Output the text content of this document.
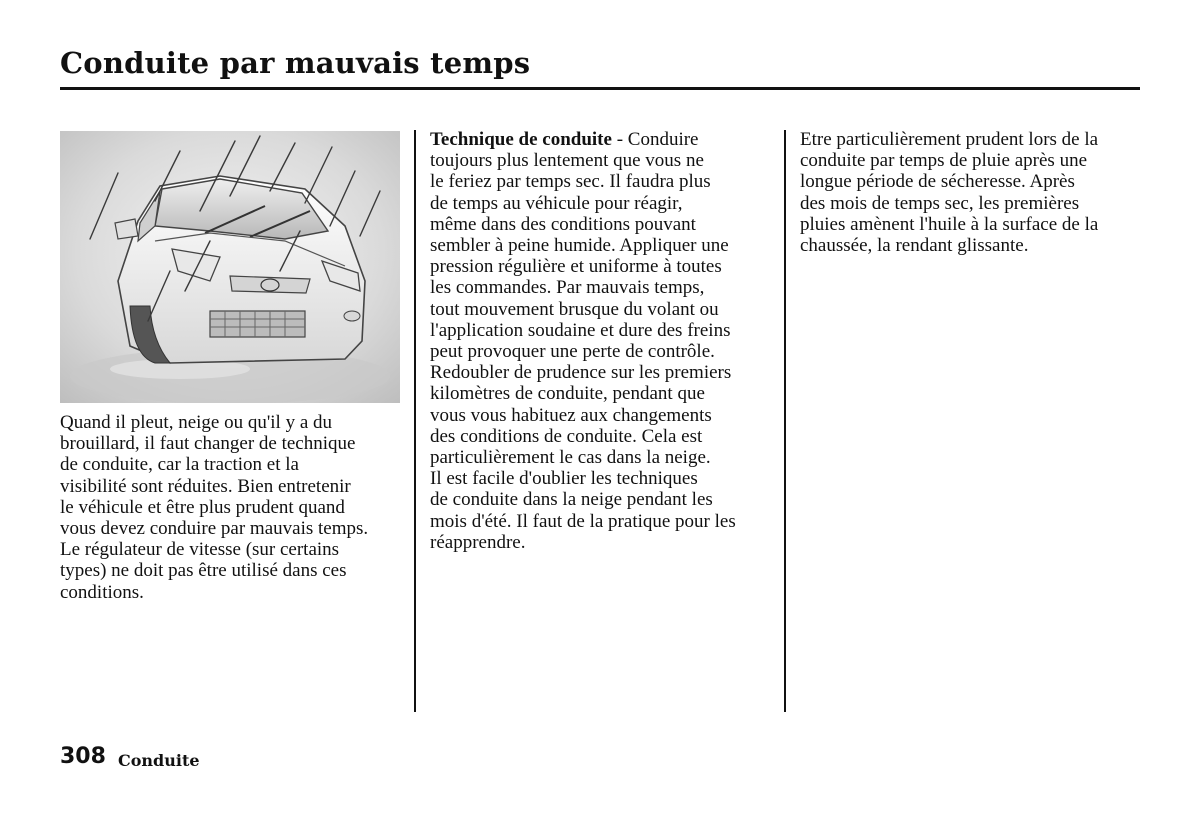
Conduite par mauvais temps

Quand il pleut, neige ou qu'il y a du
brouillard, il faut changer de technique
de conduite, car la traction et la
visibilité sont réduites. Bien entretenir
le véhicule et être plus prudent quand
vous devez conduire par mauvais temps.
Le régulateur de vitesse (sur certains
types) ne doit pas être utilisé dans ces
conditions.

Technique de conduite - Conduire
toujours plus lentement que vous ne
le feriez par temps sec. Il faudra plus
de temps au véhicule pour réagir,
même dans des conditions pouvant
sembler à peine humide. Appliquer une
pression régulière et uniforme à toutes
les commandes. Par mauvais temps,
tout mouvement brusque du volant ou
l'application soudaine et dure des freins
peut provoquer une perte de contrôle.
Redoubler de prudence sur les premiers
kilomètres de conduite, pendant que
vous vous habituez aux changements
des conditions de conduite. Cela est
particulièrement le cas dans la neige.
Il est facile d'oublier les techniques
de conduite dans la neige pendant les
mois d'été. Il faut de la pratique pour les
réapprendre.

Etre particulièrement prudent lors de la
conduite par temps de pluie après une
longue période de sécheresse. Après
des mois de temps sec, les premières
pluies amènent l'huile à la surface de la
chaussée, la rendant glissante.

308 Conduite
